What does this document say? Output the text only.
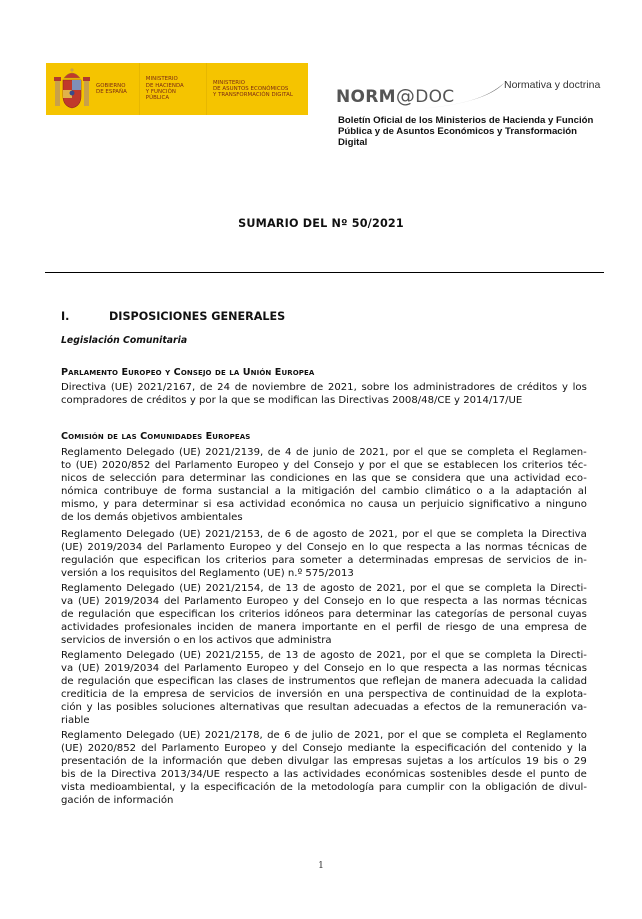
GOBIERNO
DE ESPAÑA
MINISTERIO
DE HACIENDA
Y FUNCIÓN PÚBLICA
MINISTERIO
DE ASUNTOS ECONÓMICOS
Y TRANSFORMACIÓN DIGITAL	NORM@DOC
Normativa y doctrina
Boletín Oficial de los Ministerios de Hacienda y Función
Pública y de Asuntos Económicos y Transformación Digital
SUMARIO DEL Nº 50/2021
I.	DISPOSICIONES GENERALES
Legislación Comunitaria
Parlamento Europeo y Consejo de la Unión Europea
Directiva (UE) 2021/2167, de 24 de noviembre de 2021, sobre los administradores de créditos y los
compradores de créditos y por la que se modifican las Directivas 2008/48/CE y 2014/17/UE
Comisión de las Comunidades Europeas
Reglamento Delegado (UE) 2021/2139, de 4 de junio de 2021, por el que se completa el Reglamen-
to (UE) 2020/852 del Parlamento Europeo y del Consejo y por el que se establecen los criterios téc-
nicos de selección para determinar las condiciones en las que se considera que una actividad eco-
nómica contribuye de forma sustancial a la mitigación del cambio climático o a la adaptación al
mismo, y para determinar si esa actividad económica no causa un perjuicio significativo a ninguno
de los demás objetivos ambientales
Reglamento Delegado (UE) 2021/2153, de 6 de agosto de 2021, por el que se completa la Directiva
(UE) 2019/2034 del Parlamento Europeo y del Consejo en lo que respecta a las normas técnicas de
regulación que especifican los criterios para someter a determinadas empresas de servicios de in-
versión a los requisitos del Reglamento (UE) n.º 575/2013
Reglamento Delegado (UE) 2021/2154, de 13 de agosto de 2021, por el que se completa la Directi-
va (UE) 2019/2034 del Parlamento Europeo y del Consejo en lo que respecta a las normas técnicas
de regulación que especifican los criterios idóneos para determinar las categorías de personal cuyas
actividades profesionales inciden de manera importante en el perfil de riesgo de una empresa de
servicios de inversión o en los activos que administra
Reglamento Delegado (UE) 2021/2155, de 13 de agosto de 2021, por el que se completa la Directi-
va (UE) 2019/2034 del Parlamento Europeo y del Consejo en lo que respecta a las normas técnicas
de regulación que especifican las clases de instrumentos que reflejan de manera adecuada la calidad
crediticia de la empresa de servicios de inversión en una perspectiva de continuidad de la explota-
ción y las posibles soluciones alternativas que resultan adecuadas a efectos de la remuneración va-
riable
Reglamento Delegado (UE) 2021/2178, de 6 de julio de 2021, por el que se completa el Reglamento
(UE) 2020/852 del Parlamento Europeo y del Consejo mediante la especificación del contenido y la
presentación de la información que deben divulgar las empresas sujetas a los artículos 19 bis o 29
bis de la Directiva 2013/34/UE respecto a las actividades económicas sostenibles desde el punto de
vista medioambiental, y la especificación de la metodología para cumplir con la obligación de divul-
gación de información
1
